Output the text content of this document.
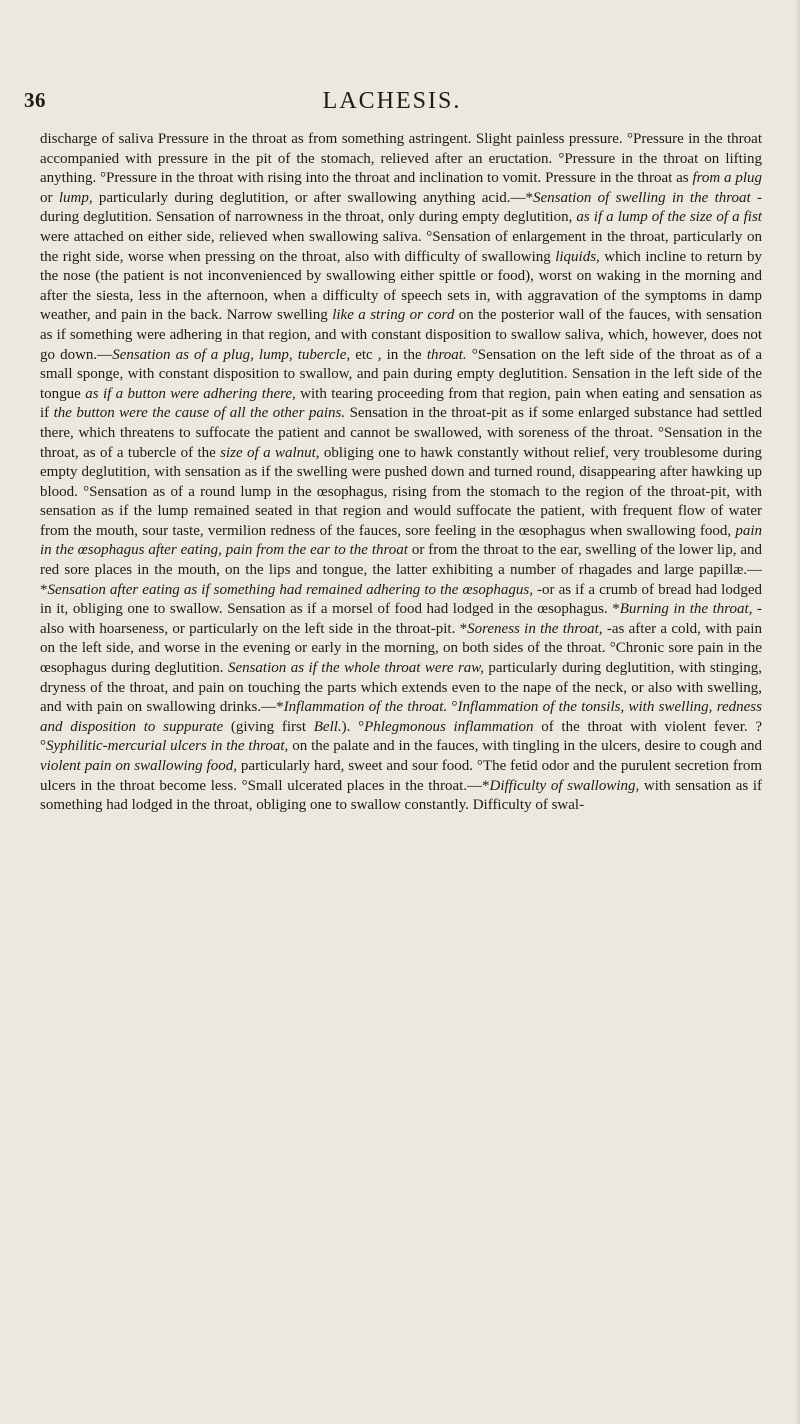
36	LACHESIS.

discharge of saliva Pressure in the throat as from something astringent. Slight painless pressure. °Pressure in the throat accompanied with pressure in the pit of the stomach, relieved after an eructation. °Pressure in the throat on lifting anything. °Pressure in the throat with rising into the throat and inclination to vomit. Pressure in the throat as from a plug or lump, particularly during deglutition, or after swallowing anything acid.—*Sensation of swelling in the throat -during deglutition. Sensation of narrowness in the throat, only during empty deglutition, as if a lump of the size of a fist were attached on either side, relieved when swallowing saliva. °Sensation of enlargement in the throat, particularly on the right side, worse when pressing on the throat, also with difficulty of swallowing liquids, which incline to return by the nose (the patient is not inconvenienced by swallowing either spittle or food), worst on waking in the morning and after the siesta, less in the afternoon, when a difficulty of speech sets in, with aggravation of the symptoms in damp weather, and pain in the back. Narrow swelling like a string or cord on the posterior wall of the fauces, with sensation as if something were adhering in that region, and with constant disposition to swallow saliva, which, however, does not go down.—Sensation as of a plug, lump, tubercle, etc , in the throat. °Sensation on the left side of the throat as of a small sponge, with constant disposition to swallow, and pain during empty deglutition. Sensation in the left side of the tongue as if a button were adhering there, with tearing proceeding from that region, pain when eating and sensation as if the button were the cause of all the other pains. Sensation in the throat-pit as if some enlarged substance had settled there, which threatens to suffocate the patient and cannot be swallowed, with soreness of the throat. °Sensation in the throat, as of a tubercle of the size of a walnut, obliging one to hawk constantly without relief, very troublesome during empty deglutition, with sensation as if the swelling were pushed down and turned round, disappearing after hawking up blood. °Sensation as of a round lump in the œsophagus, rising from the stomach to the region of the throat-pit, with sensation as if the lump remained seated in that region and would suffocate the patient, with frequent flow of water from the mouth, sour taste, vermilion redness of the fauces, sore feeling in the œsophagus when swallowing food, pain in the œsophagus after eating, pain from the ear to the throat or from the throat to the ear, swelling of the lower lip, and red sore places in the mouth, on the lips and tongue, the latter exhibiting a number of rhagades and large papillæ.—*Sensation after eating as if something had remained adhering to the œsophagus, -or as if a crumb of bread had lodged in it, obliging one to swallow. Sensation as if a morsel of food had lodged in the œsophagus. *Burning in the throat, -also with hoarseness, or particularly on the left side in the throat-pit. *Soreness in the throat, -as after a cold, with pain on the left side, and worse in the evening or early in the morning, on both sides of the throat. °Chronic sore pain in the œsophagus during deglutition. Sensation as if the whole throat were raw, particularly during deglutition, with stinging, dryness of the throat, and pain on touching the parts which extends even to the nape of the neck, or also with swelling, and with pain on swallowing drinks.—*Inflammation of the throat. °Inflammation of the tonsils, with swelling, redness and disposition to suppurate (giving first Bell.). °Phlegmonous inflammation of the throat with violent fever. ? °Syphilitic-mercurial ulcers in the throat, on the palate and in the fauces, with tingling in the ulcers, desire to cough and violent pain on swallowing food, particularly hard, sweet and sour food. °The fetid odor and the purulent secretion from ulcers in the throat become less. °Small ulcerated places in the throat.—*Difficulty of swallowing, with sensation as if something had lodged in the throat, obliging one to swallow constantly. Difficulty of swal-
